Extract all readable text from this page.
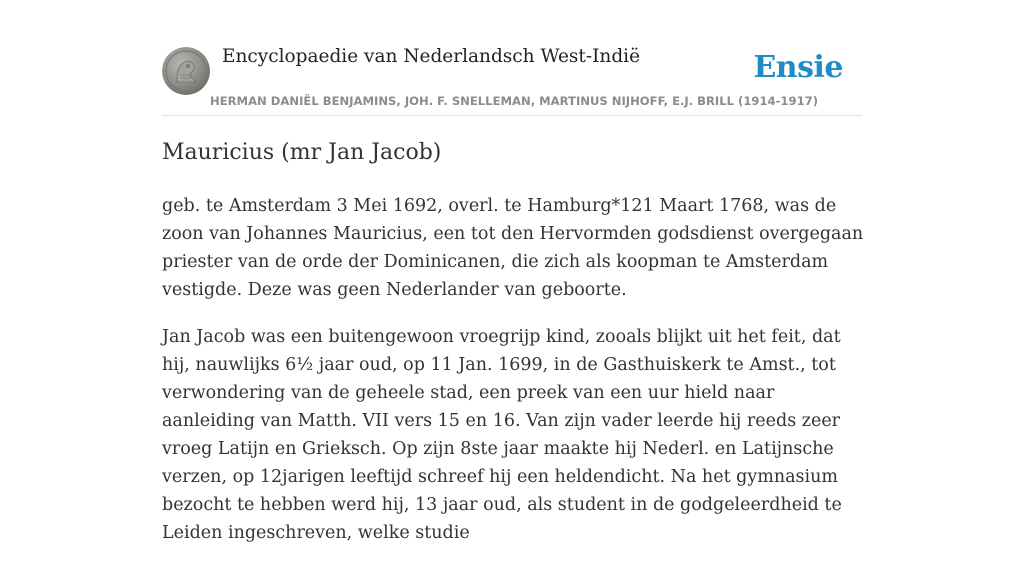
Encyclopaedie van Nederlandsch West-Indië	Ensie
HERMAN DANIËL BENJAMINS, JOH. F. SNELLEMAN, MARTINUS NIJHOFF, E.J. BRILL (1914-1917)
Mauricius (mr Jan Jacob)

geb. te Amsterdam 3 Mei 1692, overl. te Hamburg*121 Maart 1768, was de zoon van Johannes Mauricius, een tot den Hervormden godsdienst overgegaan priester van de orde der Dominicanen, die zich als koopman te Amsterdam vestigde. Deze was geen Nederlander van geboorte.

Jan Jacob was een buitengewoon vroegrijp kind, zooals blijkt uit het feit, dat hij, nauwlijks 6½ jaar oud, op 11 Jan. 1699, in de Gasthuiskerk te Amst., tot verwondering van de geheele stad, een preek van een uur hield naar aanleiding van Matth. VII vers 15 en 16. Van zijn vader leerde hij reeds zeer vroeg Latijn en Grieksch. Op zijn 8ste jaar maakte hij Nederl. en Latijnsche verzen, op 12jarigen leeftijd schreef hij een heldendicht. Na het gymnasium bezocht te hebben werd hij, 13 jaar oud, als student in de godgeleerdheid te Leiden ingeschreven, welke studie
